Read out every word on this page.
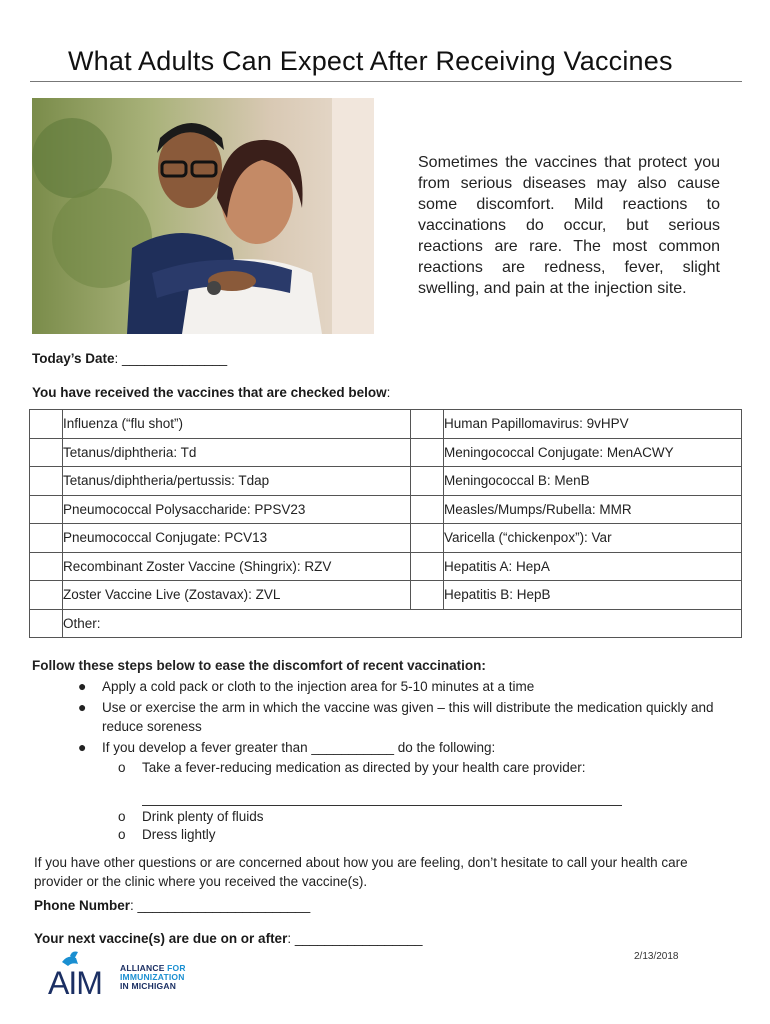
What Adults Can Expect After Receiving Vaccines
Sometimes the vaccines that protect you from serious diseases may also cause some discomfort. Mild reactions to vaccinations do occur, but serious reactions are rare. The most common reactions are redness, fever, slight swelling, and pain at the injection site.
Today’s Date: ______________
You have received the vaccines that are checked below:
	Influenza (“flu shot”)		Human Papillomavirus: 9vHPV
	Tetanus/diphtheria: Td		Meningococcal Conjugate: MenACWY
	Tetanus/diphtheria/pertussis: Tdap		Meningococcal B: MenB
	Pneumococcal Polysaccharide: PPSV23		Measles/Mumps/Rubella: MMR
	Pneumococcal Conjugate: PCV13		Varicella (“chickenpox”): Var
	Recombinant Zoster Vaccine (Shingrix): RZV		Hepatitis A: HepA
	Zoster Vaccine Live (Zostavax): ZVL		Hepatitis B: HepB
	Other:		
Follow these steps below to ease the discomfort of recent vaccination:
● Apply a cold pack or cloth to the injection area for 5-10 minutes at a time
● Use or exercise the arm in which the vaccine was given – this will distribute the medication quickly and reduce soreness
● If you develop a fever greater than ___________ do the following:
o Take a fever-reducing medication as directed by your health care provider:
o Drink plenty of fluids
o Dress lightly
If you have other questions or are concerned about how you are feeling, don’t hesitate to call your health care provider or the clinic where you received the vaccine(s).
Phone Number: _______________________
Your next vaccine(s) are due on or after: _________________
2/13/2018
AIM ALLIANCE FOR
IMMUNIZATION
IN MICHIGAN
